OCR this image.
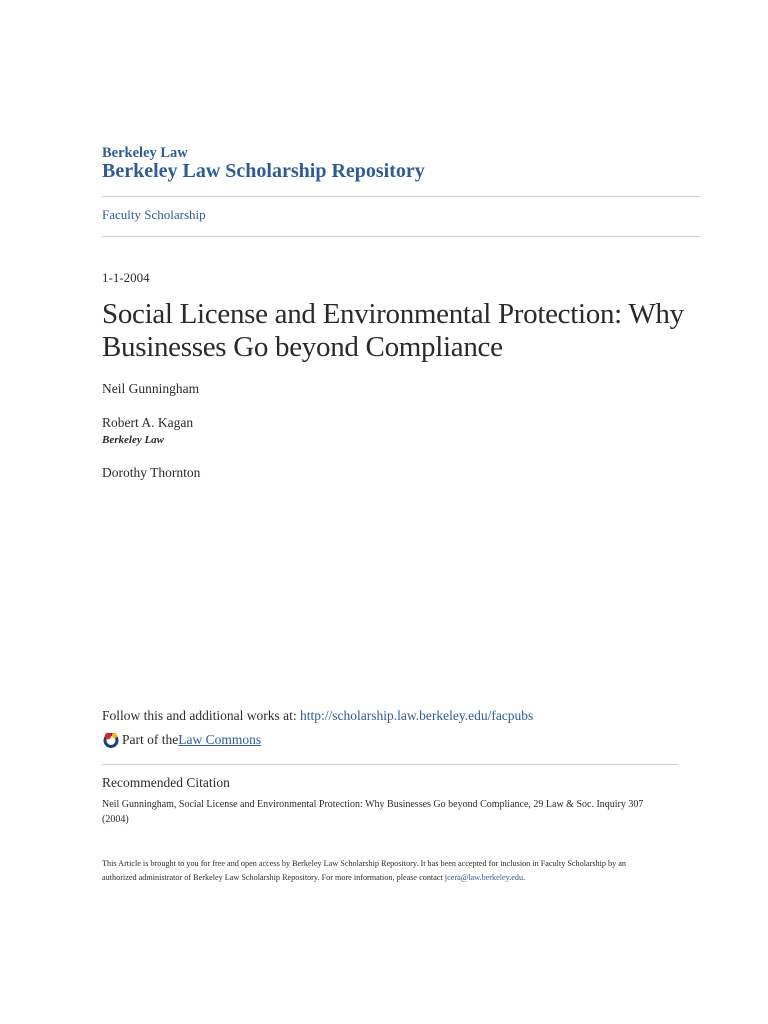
Berkeley Law
Berkeley Law Scholarship Repository
Faculty Scholarship
1-1-2004
Social License and Environmental Protection: Why Businesses Go beyond Compliance
Neil Gunningham
Robert A. Kagan
Berkeley Law
Dorothy Thornton
Follow this and additional works at: http://scholarship.law.berkeley.edu/facpubs
Part of the Law Commons
Recommended Citation
Neil Gunningham, Social License and Environmental Protection: Why Businesses Go beyond Compliance, 29 Law & Soc. Inquiry 307 (2004)
This Article is brought to you for free and open access by Berkeley Law Scholarship Repository. It has been accepted for inclusion in Faculty Scholarship by an authorized administrator of Berkeley Law Scholarship Repository. For more information, please contact jcera@law.berkeley.edu.
